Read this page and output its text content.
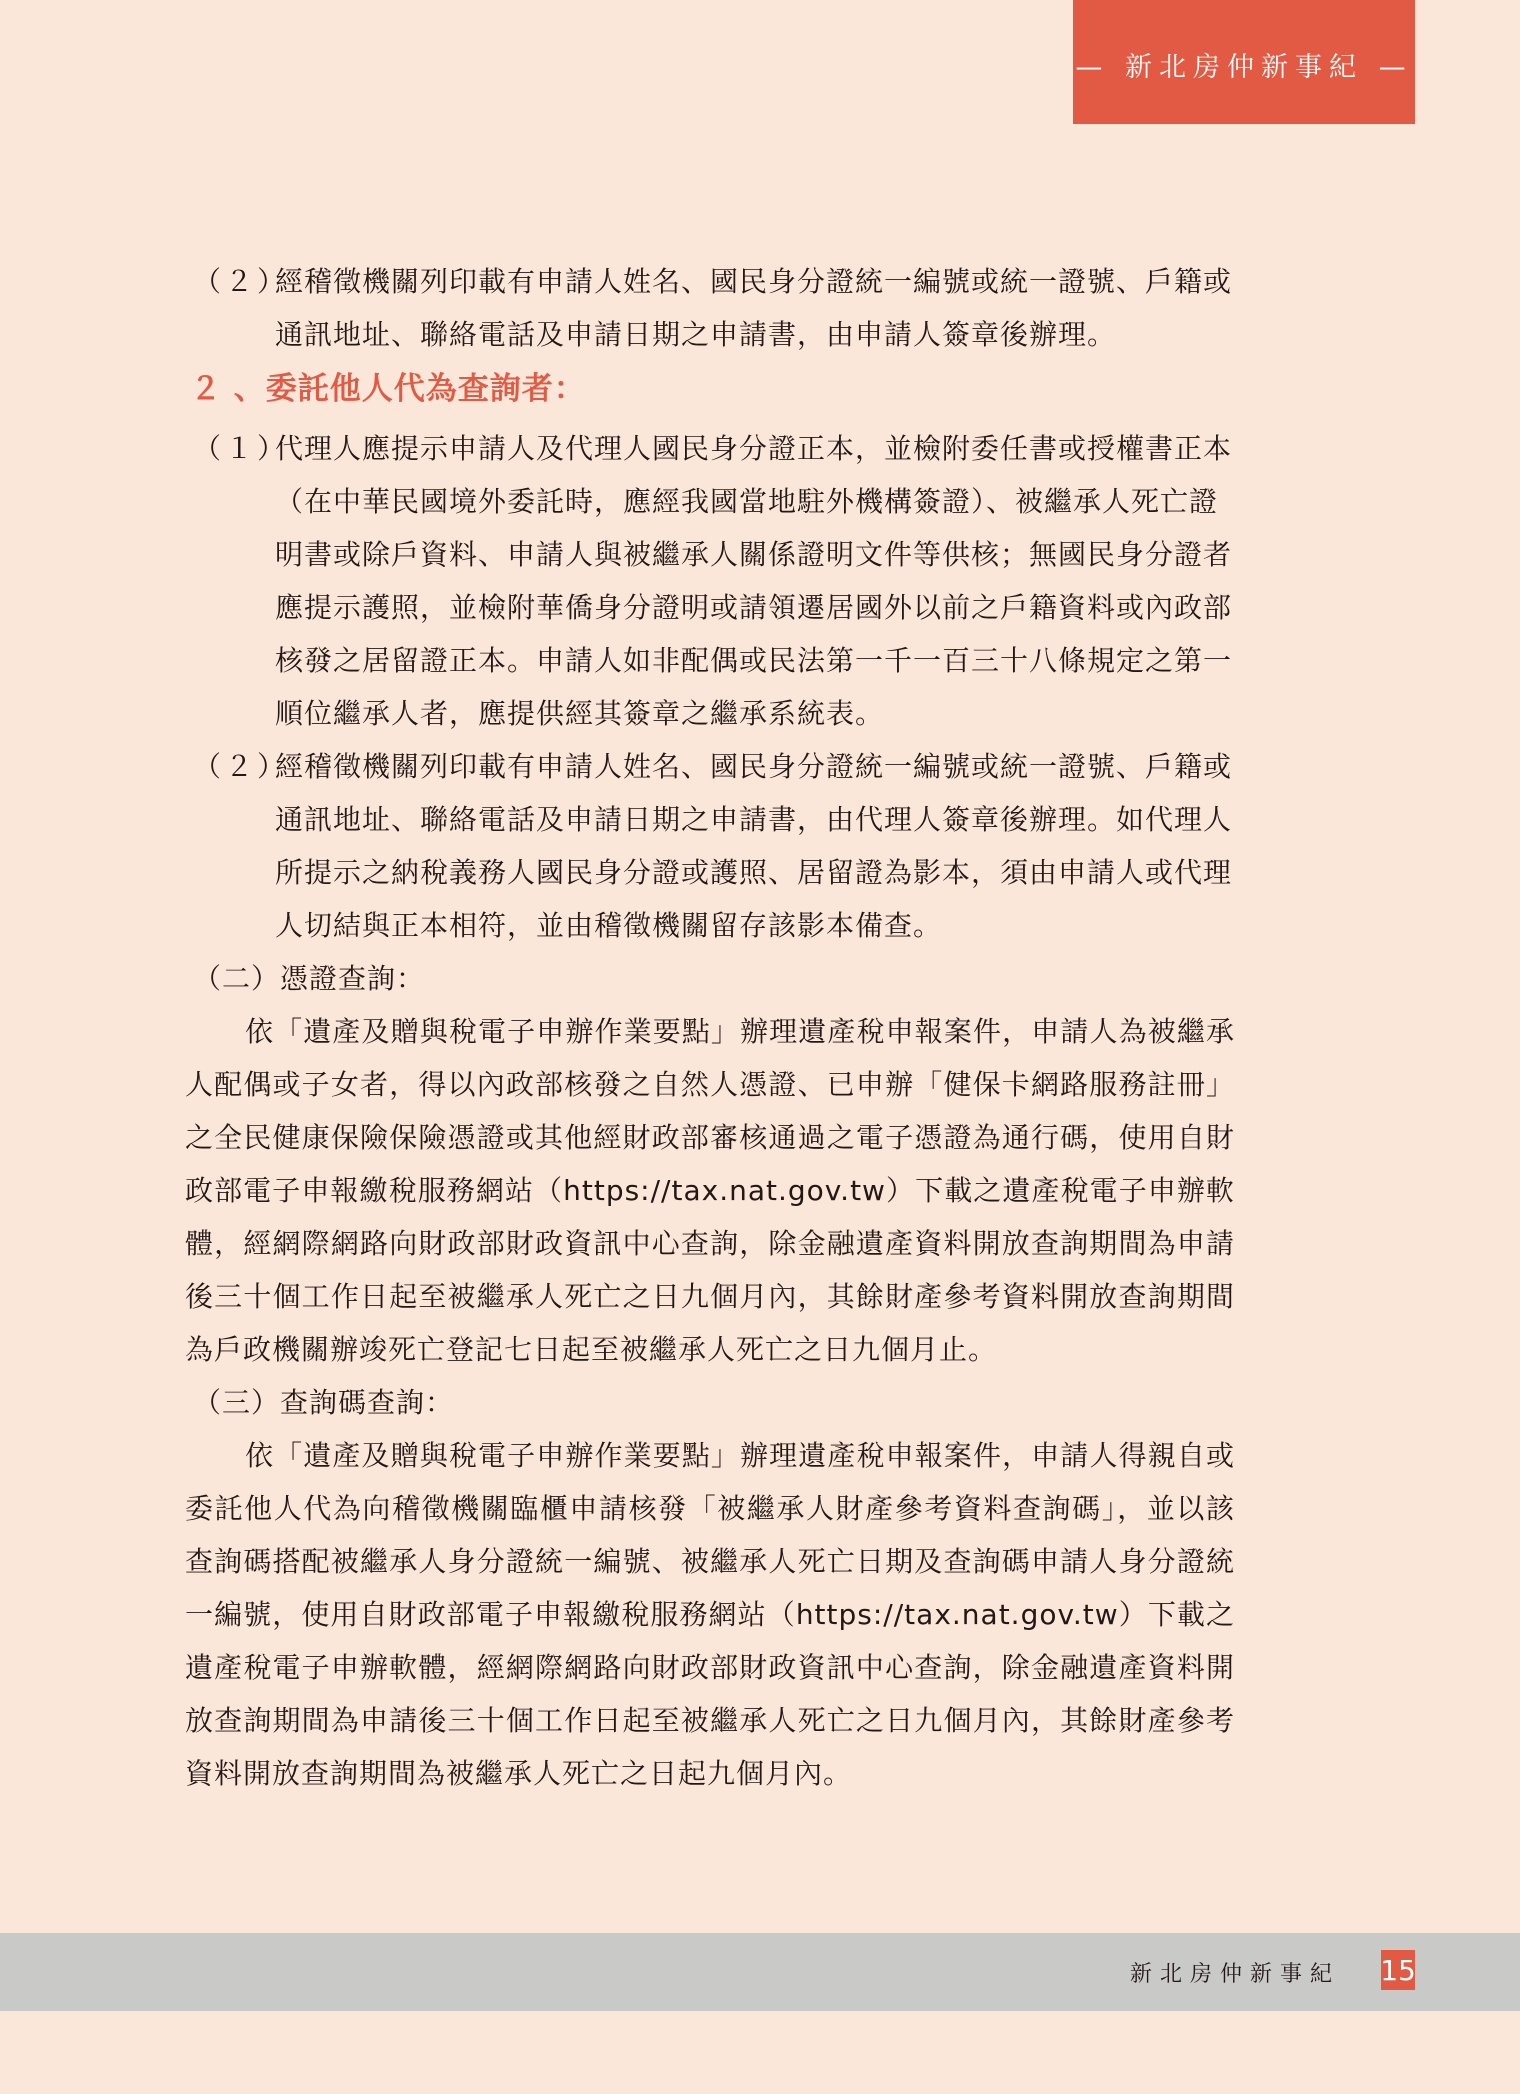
— 新北房仲新事紀 —
（２）
經稽徵機關列印載有申請人姓名、國民身分證統一編號或統一證號、戶籍或通訊地址、聯絡電話及申請日期之申請書，由申請人簽章後辦理。
２ 、委託他人代為查詢者：
（１）
代理人應提示申請人及代理人國民身分證正本，並檢附委任書或授權書正本（在中華民國境外委託時，應經我國當地駐外機構簽證）、被繼承人死亡證明書或除戶資料、申請人與被繼承人關係證明文件等供核；無國民身分證者應提示護照，並檢附華僑身分證明或請領遷居國外以前之戶籍資料或內政部核發之居留證正本。申請人如非配偶或民法第一千一百三十八條規定之第一順位繼承人者，應提供經其簽章之繼承系統表。
（２）
經稽徵機關列印載有申請人姓名、國民身分證統一編號或統一證號、戶籍或通訊地址、聯絡電話及申請日期之申請書，由代理人簽章後辦理。如代理人所提示之納稅義務人國民身分證或護照、居留證為影本，須由申請人或代理人切結與正本相符，並由稽徵機關留存該影本備查。
（二）憑證查詢：
依「遺產及贈與稅電子申辦作業要點」辦理遺產稅申報案件，申請人為被繼承人配偶或子女者，得以內政部核發之自然人憑證、已申辦「健保卡網路服務註冊」之全民健康保險保險憑證或其他經財政部審核通過之電子憑證為通行碼，使用自財政部電子申報繳稅服務網站（https://tax.nat.gov.tw）下載之遺產稅電子申辦軟體，經網際網路向財政部財政資訊中心查詢，除金融遺產資料開放查詢期間為申請後三十個工作日起至被繼承人死亡之日九個月內，其餘財產參考資料開放查詢期間為戶政機關辦竣死亡登記七日起至被繼承人死亡之日九個月止。
（三）查詢碼查詢：
依「遺產及贈與稅電子申辦作業要點」辦理遺產稅申報案件，申請人得親自或委託他人代為向稽徵機關臨櫃申請核發「被繼承人財產參考資料查詢碼」，並以該查詢碼搭配被繼承人身分證統一編號、被繼承人死亡日期及查詢碼申請人身分證統一編號，使用自財政部電子申報繳稅服務網站（https://tax.nat.gov.tw）下載之遺產稅電子申辦軟體，經網際網路向財政部財政資訊中心查詢，除金融遺產資料開放查詢期間為申請後三十個工作日起至被繼承人死亡之日九個月內，其餘財產參考資料開放查詢期間為被繼承人死亡之日起九個月內。
新北房仲新事紀 15
